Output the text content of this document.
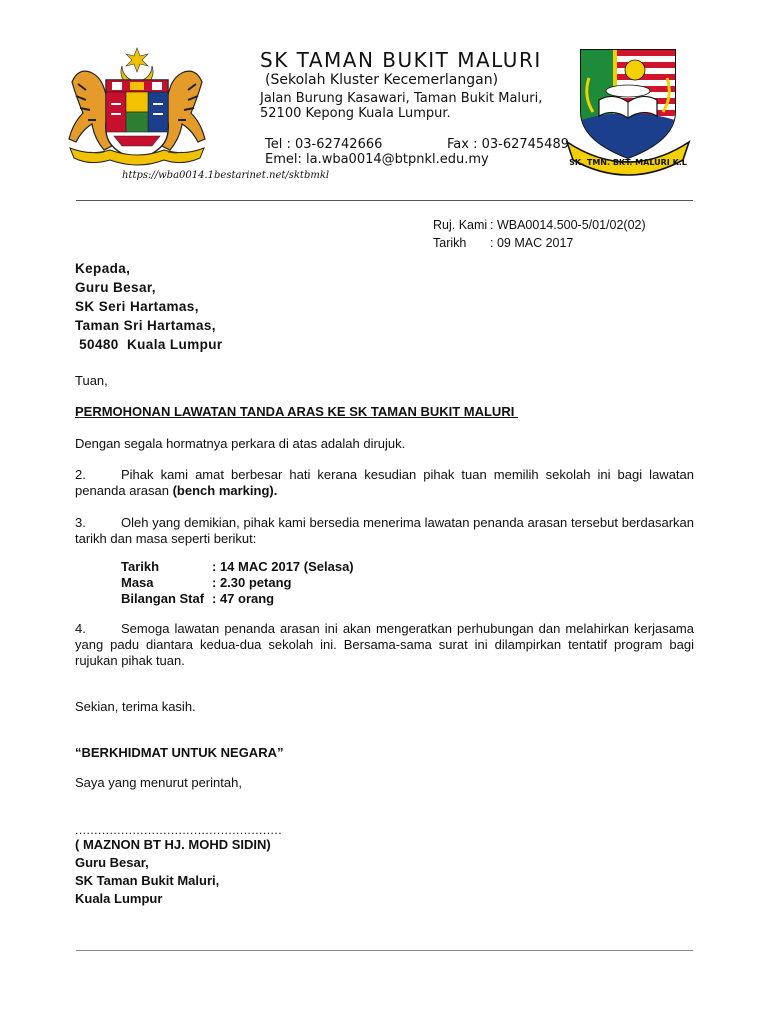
SK. TMN. BKT. MALURI K.L
SK TAMAN BUKIT MALURI
(Sekolah Kluster Kecemerlangan)
Jalan Burung Kasawari, Taman Bukit Maluri,
52100 Kepong Kuala Lumpur.
Tel : 03-62742666	Fax : 03-62745489
Emel: la.wba0014@btpnkl.edu.my
https://wba0014.1bestarinet.net/sktbmkl
Ruj. Kami : WBA0014.500-5/01/02(02)
Tarikh : 09 MAC 2017
Kepada,
Guru Besar,
SK Seri Hartamas,
Taman Sri Hartamas,
50480  Kuala Lumpur
Tuan,
PERMOHONAN LAWATAN TANDA ARAS KE SK TAMAN BUKIT MALURI
Dengan segala hormatnya perkara di atas adalah dirujuk.
2.	Pihak kami amat berbesar hati kerana kesudian pihak tuan memilih sekolah ini bagi lawatan penanda arasan (bench marking).
3.	Oleh yang demikian, pihak kami bersedia menerima lawatan penanda arasan tersebut berdasarkan tarikh dan masa seperti berikut:
Tarikh	: 14 MAC 2017 (Selasa)
Masa	: 2.30 petang
Bilangan Staf : 47 orang
4.	Semoga lawatan penanda arasan ini akan mengeratkan perhubungan dan melahirkan kerjasama yang padu diantara kedua-dua sekolah ini. Bersama-sama surat ini dilampirkan tentatif program bagi rujukan pihak tuan.
Sekian, terima kasih.
“BERKHIDMAT UNTUK NEGARA”
Saya yang menurut perintah,
......................................................
( MAZNON BT HJ. MOHD SIDIN)
Guru Besar,
SK Taman Bukit Maluri,
Kuala Lumpur
